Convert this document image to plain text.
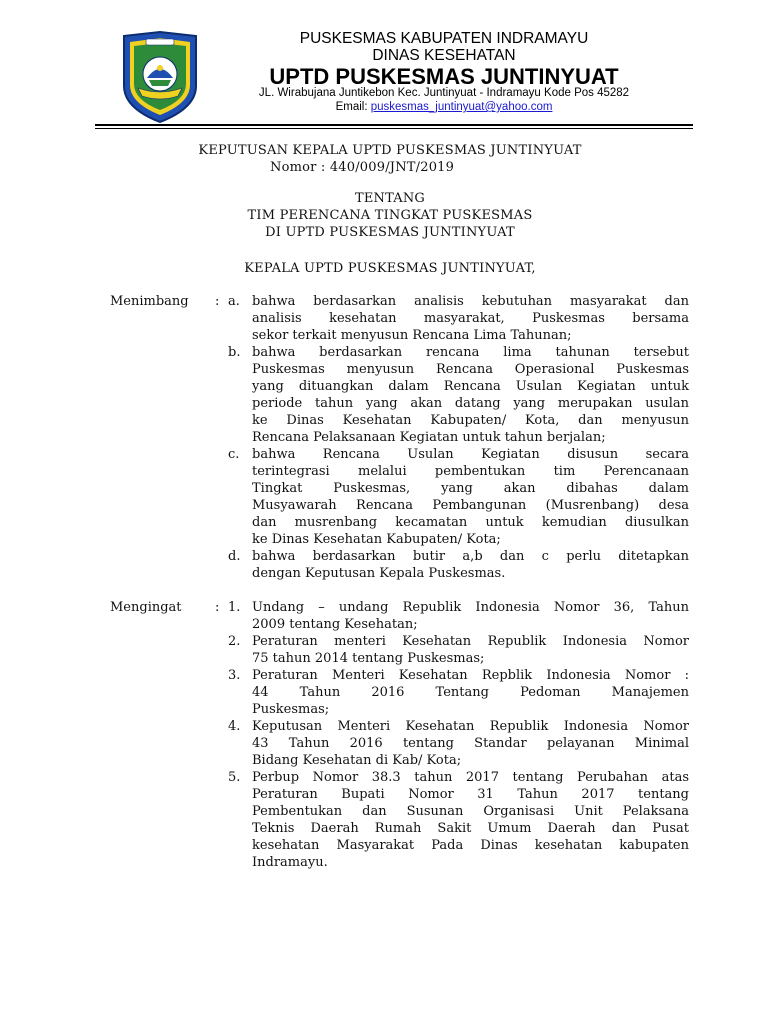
PUSKESMAS KABUPATEN INDRAMAYU
DINAS KESEHATAN
UPTD PUSKESMAS JUNTINYUAT
JL. Wirabujana Juntikebon Kec. Juntinyuat - Indramayu Kode Pos 45282
Email: puskesmas_juntinyuat@yahoo.com
KEPUTUSAN KEPALA UPTD PUSKESMAS JUNTINYUAT
Nomor : 440/009/JNT/2019
TENTANG
TIM PERENCANA TINGKAT PUSKESMAS
DI UPTD PUSKESMAS JUNTINYUAT
KEPALA UPTD PUSKESMAS JUNTINYUAT,
Menimbang : a. bahwa berdasarkan analisis kebutuhan masyarakat dan
analisis kesehatan masyarakat, Puskesmas bersama
sekor terkait menyusun Rencana Lima Tahunan;
b. bahwa berdasarkan rencana lima tahunan tersebut
Puskesmas menyusun Rencana Operasional Puskesmas
yang dituangkan dalam Rencana Usulan Kegiatan untuk
periode tahun yang akan datang yang merupakan usulan
ke Dinas Kesehatan Kabupaten/ Kota, dan menyusun
Rencana Pelaksanaan Kegiatan untuk tahun berjalan;
c. bahwa Rencana Usulan Kegiatan disusun secara
terintegrasi melalui pembentukan tim Perencanaan
Tingkat Puskesmas, yang akan dibahas dalam
Musyawarah Rencana Pembangunan (Musrenbang) desa
dan musrenbang kecamatan untuk kemudian diusulkan
ke Dinas Kesehatan Kabupaten/ Kota;
d. bahwa berdasarkan butir a,b dan c perlu ditetapkan
dengan Keputusan Kepala Puskesmas.
Mengingat	: 1. Undang – undang Republik Indonesia Nomor 36, Tahun
2009 tentang Kesehatan;
2. Peraturan menteri Kesehatan Republik Indonesia Nomor
75 tahun 2014 tentang Puskesmas;
3. Peraturan Menteri Kesehatan Repblik Indonesia Nomor :
44 Tahun 2016 Tentang Pedoman Manajemen
Puskesmas;
4. Keputusan Menteri Kesehatan Republik Indonesia Nomor
43 Tahun 2016 tentang Standar pelayanan Minimal
Bidang Kesehatan di Kab/ Kota;
5. Perbup Nomor 38.3 tahun 2017 tentang Perubahan atas
Peraturan Bupati Nomor 31 Tahun 2017 tentang
Pembentukan dan Susunan Organisasi Unit Pelaksana
Teknis Daerah Rumah Sakit Umum Daerah dan Pusat
kesehatan Masyarakat Pada Dinas kesehatan kabupaten
Indramayu.
